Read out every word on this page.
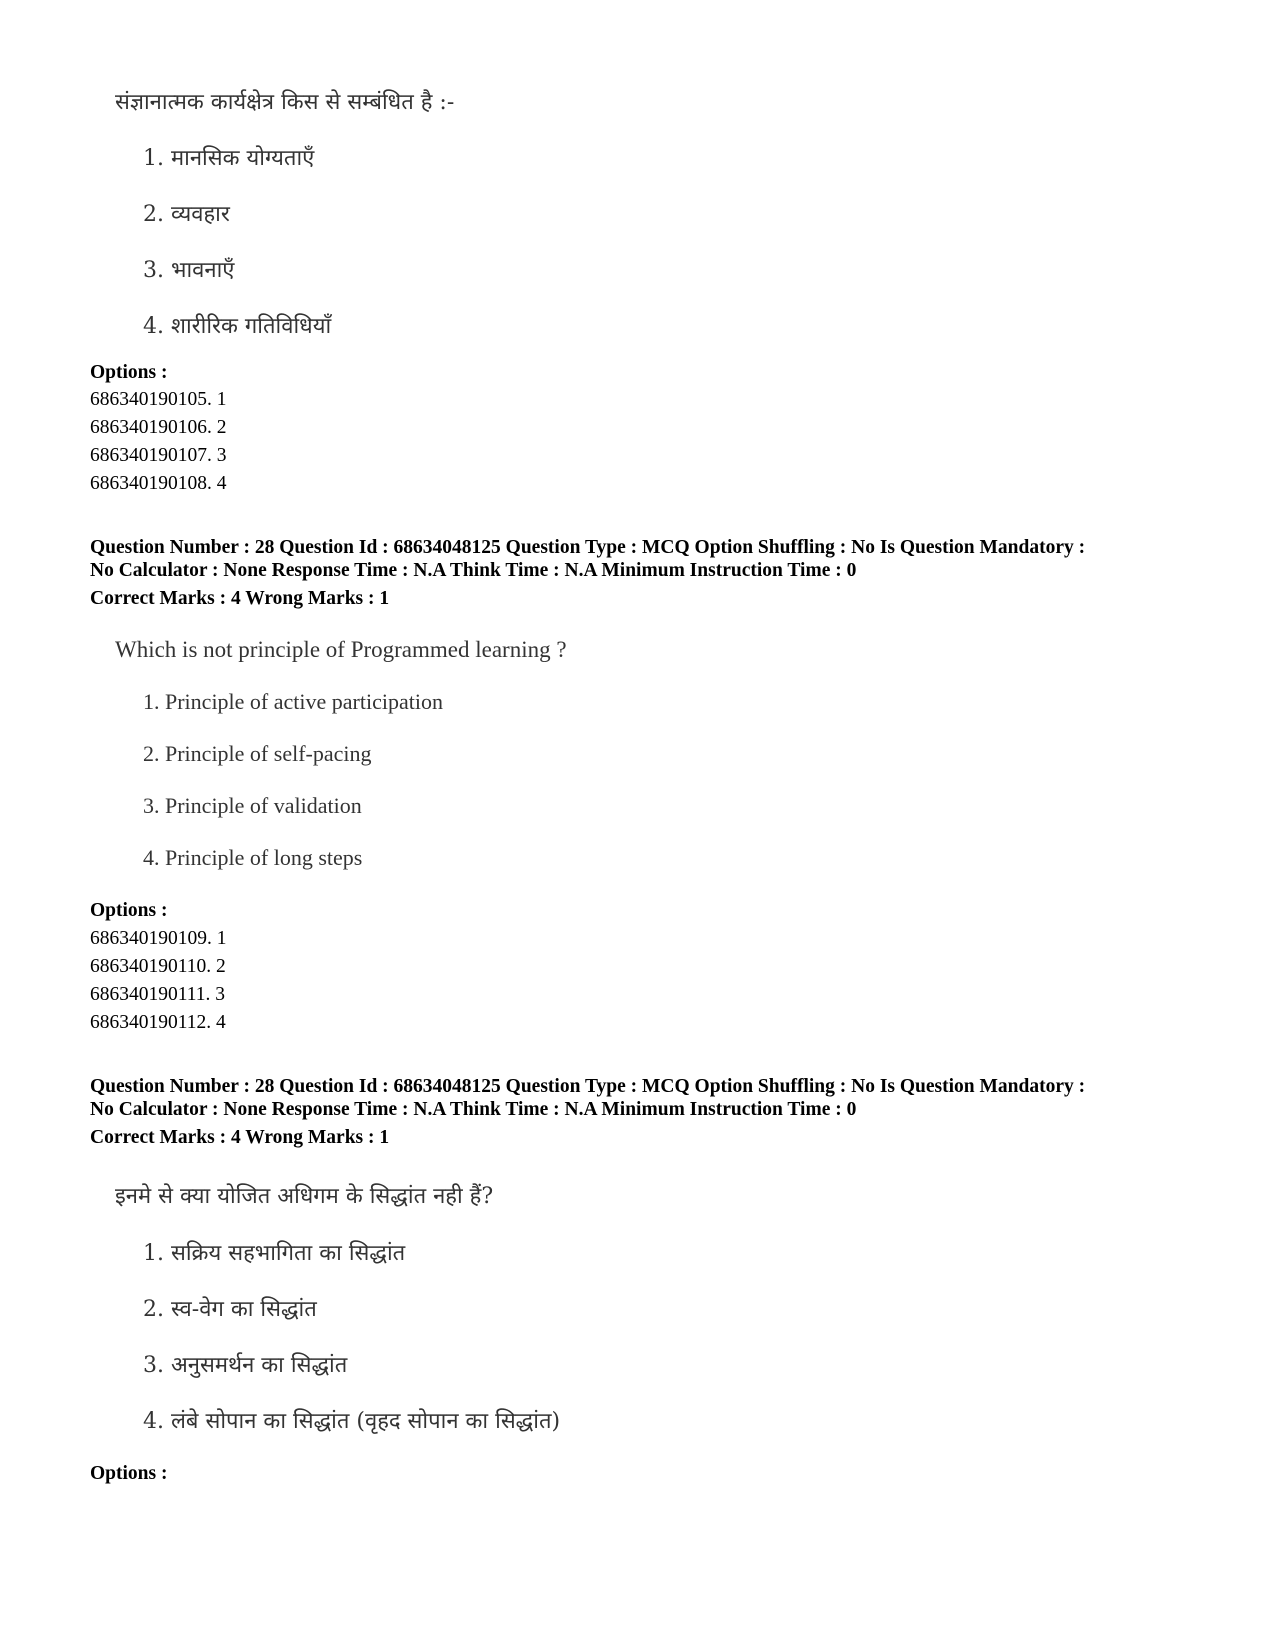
संज्ञानात्मक कार्यक्षेत्र किस से सम्बंधित है :-
1. मानसिक योग्यताएँ
2. व्यवहार
3. भावनाएँ
4. शारीरिक गतिविधियाँ
Options :
686340190105. 1
686340190106. 2
686340190107. 3
686340190108. 4
Question Number : 28 Question Id : 68634048125 Question Type : MCQ Option Shuffling : No Is Question Mandatory :
No Calculator : None Response Time : N.A Think Time : N.A Minimum Instruction Time : 0
Correct Marks : 4 Wrong Marks : 1
Which is not principle of Programmed learning ?
1. Principle of active participation
2. Principle of self-pacing
3. Principle of validation
4. Principle of long steps
Options :
686340190109. 1
686340190110. 2
686340190111. 3
686340190112. 4
Question Number : 28 Question Id : 68634048125 Question Type : MCQ Option Shuffling : No Is Question Mandatory :
No Calculator : None Response Time : N.A Think Time : N.A Minimum Instruction Time : 0
Correct Marks : 4 Wrong Marks : 1
इनमे से क्या योजित अधिगम के सिद्धांत नही हैं?
1. सक्रिय सहभागिता का सिद्धांत
2. स्व-वेग का सिद्धांत
3. अनुसमर्थन का सिद्धांत
4. लंबे सोपान का सिद्धांत (वृहद सोपान का सिद्धांत)
Options :
